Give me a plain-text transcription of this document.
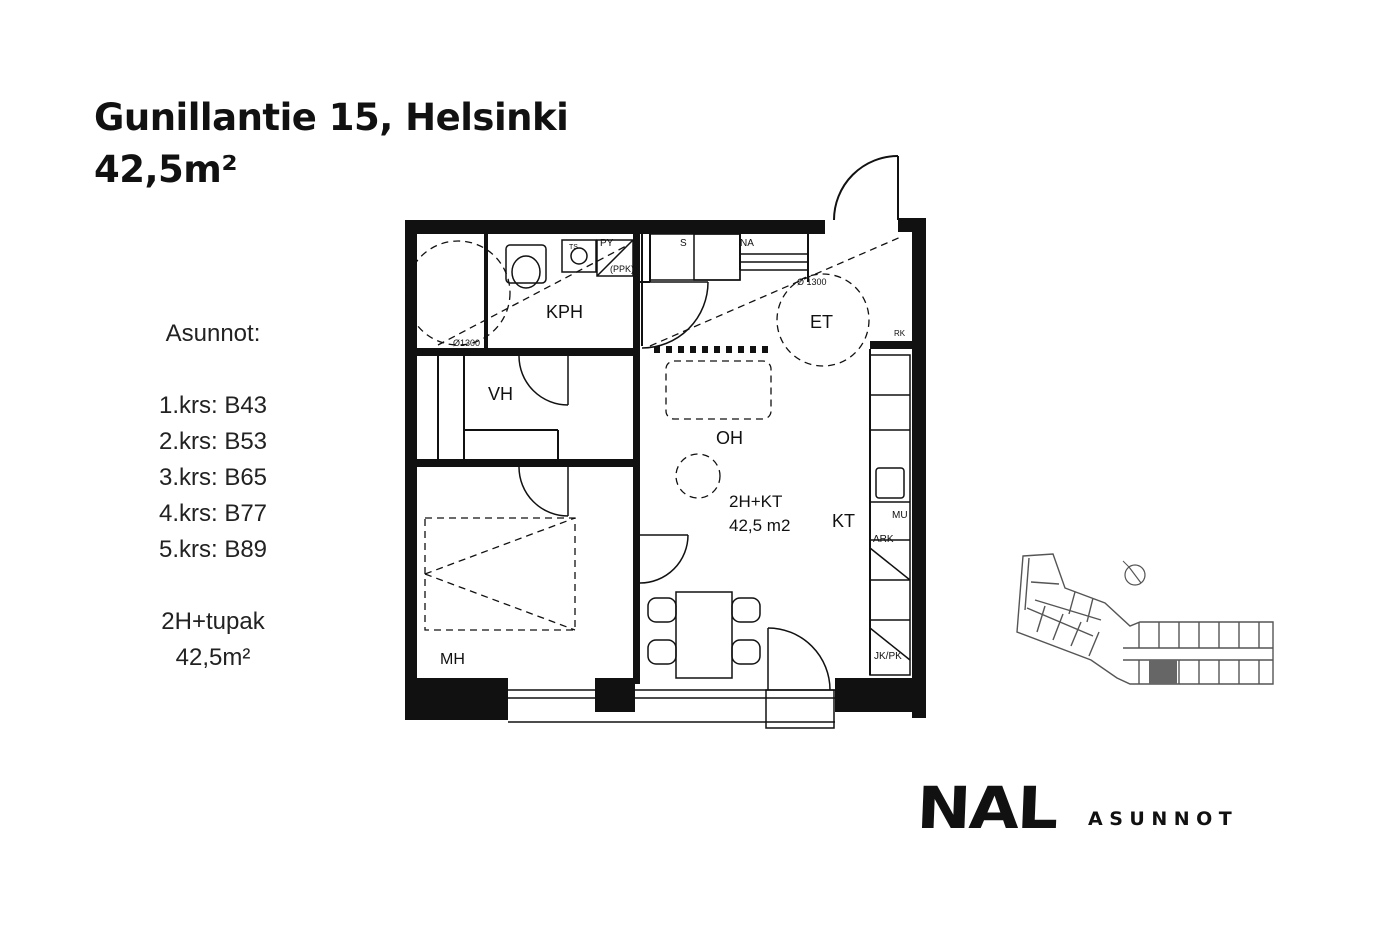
Gunillantie 15, Helsinki
42,5m²
Asunnot:
1.krs: B43
2.krs: B53
3.krs: B65
4.krs: B77
5.krs: B89
2H+tupak
42,5m²
KPH	ET
VH
OH
2H+KT
42,5 m2 KT
MH
PY
(PPK)
S	NA
Ø 1300
Ø1300
RK
MU
ARK
JK/PK
TS
NAL ASUNNOT
